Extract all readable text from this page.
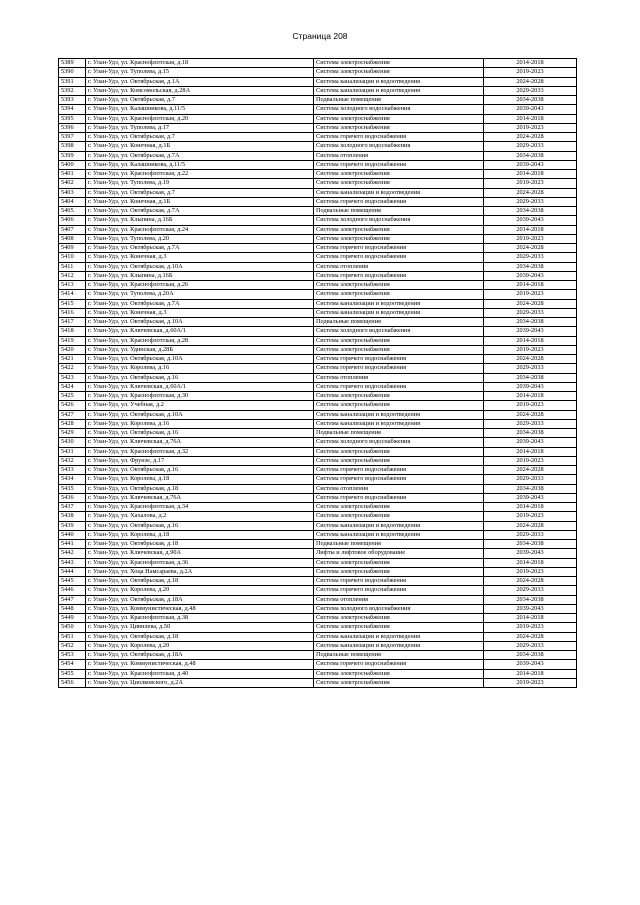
Страница 208
5389	г. Улан-Удэ, ул. Краснофлотская, д.18	Система электроснабжения	2014-2018
5390	г. Улан-Удэ, ул. Туполева, д.15	Система электроснабжения	2019-2023
5391	г. Улан-Удэ, ул. Октябрьская, д.1А	Система канализации и водоотведения	2024-2028
5392	г. Улан-Удэ, ул. Комсомольская, д.28А	Система канализации и водоотведения	2029-2033
5393	г. Улан-Удэ, ул. Октябрьская, д.7	Подвальные помещения	2034-2038
5394	г. Улан-Удэ, ул. Калашникова, д.11/5	Система холодного водоснабжения	2039-2043
5395	г. Улан-Удэ, ул. Краснофлотская, д.20	Система электроснабжения	2014-2018
5396	г. Улан-Удэ, ул. Туполева, д.17	Система электроснабжения	2019-2023
5397	г. Улан-Удэ, ул. Октябрьская, д.7	Система горячего водоснабжения	2024-2028
5398	г. Улан-Удэ, ул. Конечная, д.1Б	Система холодного водоснабжения	2029-2033
5399	г. Улан-Удэ, ул. Октябрьская, д.7А	Система отопления	2034-2038
5400	г. Улан-Удэ, ул. Калашникова, д.11/5	Система горячего водоснабжения	2039-2043
5401	г. Улан-Удэ, ул. Краснофлотская, д.22	Система электроснабжения	2014-2018
5402	г. Улан-Удэ, ул. Туполева, д.19	Система электроснабжения	2019-2023
5403	г. Улан-Удэ, ул. Октябрьская, д.7	Система канализации и водоотведения	2024-2028
5404	г. Улан-Удэ, ул. Конечная, д.1Б	Система горячего водоснабжения	2029-2033
5405	г. Улан-Удэ, ул. Октябрьская, д.7А	Подвальные помещения	2034-2038
5406	г. Улан-Удэ, ул. Клыпина, д.16Б	Система холодного водоснабжения	2039-2043
5407	г. Улан-Удэ, ул. Краснофлотская, д.24	Система электроснабжения	2014-2018
5408	г. Улан-Удэ, ул. Туполева, д.20	Система электроснабжения	2019-2023
5409	г. Улан-Удэ, ул. Октябрьская, д.7А	Система горячего водоснабжения	2024-2028
5410	г. Улан-Удэ, ул. Конечная, д.3	Система горячего водоснабжения	2029-2033
5411	г. Улан-Удэ, ул. Октябрьская, д.10А	Система отопления	2034-2038
5412	г. Улан-Удэ, ул. Клыпина, д.16Б	Система горячего водоснабжения	2039-2043
5413	г. Улан-Удэ, ул. Краснофлотская, д.26	Система электроснабжения	2014-2018
5414	г. Улан-Удэ, ул. Туполева, д.20А	Система электроснабжения	2019-2023
5415	г. Улан-Удэ, ул. Октябрьская, д.7А	Система канализации и водоотведения	2024-2028
5416	г. Улан-Удэ, ул. Конечная, д.3	Система канализации и водоотведения	2029-2033
5417	г. Улан-Удэ, ул. Октябрьская, д.10А	Подвальные помещения	2034-2038
5418	г. Улан-Удэ, ул. Ключевская, д.60А/1	Система холодного водоснабжения	2039-2043
5419	г. Улан-Удэ, ул. Краснофлотская, д.28	Система электроснабжения	2014-2018
5420	г. Улан-Удэ, ул. Удинская, д.28Б	Система электроснабжения	2019-2023
5421	г. Улан-Удэ, ул. Октябрьская, д.10А	Система горячего водоснабжения	2024-2028
5422	г. Улан-Удэ, ул. Королева, д.16	Система горячего водоснабжения	2029-2033
5423	г. Улан-Удэ, ул. Октябрьская, д.16	Система отопления	2034-2038
5424	г. Улан-Удэ, ул. Ключевская, д.60А/1	Система горячего водоснабжения	2039-2043
5425	г. Улан-Удэ, ул. Краснофлотская, д.30	Система электроснабжения	2014-2018
5426	г. Улан-Удэ, ул. Учебная, д.2	Система электроснабжения	2019-2023
5427	г. Улан-Удэ, ул. Октябрьская, д.10А	Система канализации и водоотведения	2024-2028
5428	г. Улан-Удэ, ул. Королева, д.16	Система канализации и водоотведения	2029-2033
5429	г. Улан-Удэ, ул. Октябрьская, д.16	Подвальные помещения	2034-2038
5430	г. Улан-Удэ, ул. Ключевская, д.76А	Система холодного водоснабжения	2039-2043
5431	г. Улан-Удэ, ул. Краснофлотская, д.32	Система электроснабжения	2014-2018
5432	г. Улан-Удэ, ул. Фрунзе, д.17	Система электроснабжения	2019-2023
5433	г. Улан-Удэ, ул. Октябрьская, д.16	Система горячего водоснабжения	2024-2028
5434	г. Улан-Удэ, ул. Королева, д.18	Система горячего водоснабжения	2029-2033
5435	г. Улан-Удэ, ул. Октябрьская, д.18	Система отопления	2034-2038
5436	г. Улан-Удэ, ул. Ключевская, д.76А	Система горячего водоснабжения	2039-2043
5437	г. Улан-Удэ, ул. Краснофлотская, д.34	Система электроснабжения	2014-2018
5438	г. Улан-Удэ, ул. Хахалова, д.2	Система электроснабжения	2019-2023
5439	г. Улан-Удэ, ул. Октябрьская, д.16	Система канализации и водоотведения	2024-2028
5440	г. Улан-Удэ, ул. Королева, д.18	Система канализации и водоотведения	2029-2033
5441	г. Улан-Удэ, ул. Октябрьская, д.18	Подвальные помещения	2034-2038
5442	г. Улан-Удэ, ул. Ключевская, д.90А	Лифты и лифтовое оборудование	2039-2043
5443	г. Улан-Удэ, ул. Краснофлотская, д.36	Система электроснабжения	2014-2018
5444	г. Улан-Удэ, ул. Хоца Намсараева, д.2А	Система электроснабжения	2019-2023
5445	г. Улан-Удэ, ул. Октябрьская, д.18	Система горячего водоснабжения	2024-2028
5446	г. Улан-Удэ, ул. Королева, д.20	Система горячего водоснабжения	2029-2033
5447	г. Улан-Удэ, ул. Октябрьская, д.18А	Система отопления	2034-2038
5448	г. Улан-Удэ, ул. Коммунистическая, д.48	Система холодного водоснабжения	2039-2043
5449	г. Улан-Удэ, ул. Краснофлотская, д.38	Система электроснабжения	2014-2018
5450	г. Улан-Удэ, ул. Цивилева, д.50	Система электроснабжения	2019-2023
5451	г. Улан-Удэ, ул. Октябрьская, д.18	Система канализации и водоотведения	2024-2028
5452	г. Улан-Удэ, ул. Королева, д.20	Система канализации и водоотведения	2029-2033
5453	г. Улан-Удэ, ул. Октябрьская, д.18А	Подвальные помещения	2034-2038
5454	г. Улан-Удэ, ул. Коммунистическая, д.48	Система горячего водоснабжения	2039-2043
5455	г. Улан-Удэ, ул. Краснофлотская, д.40	Система электроснабжения	2014-2018
5456	г. Улан-Удэ, ул. Циолковского, д.2А	Система электроснабжения	2019-2023
